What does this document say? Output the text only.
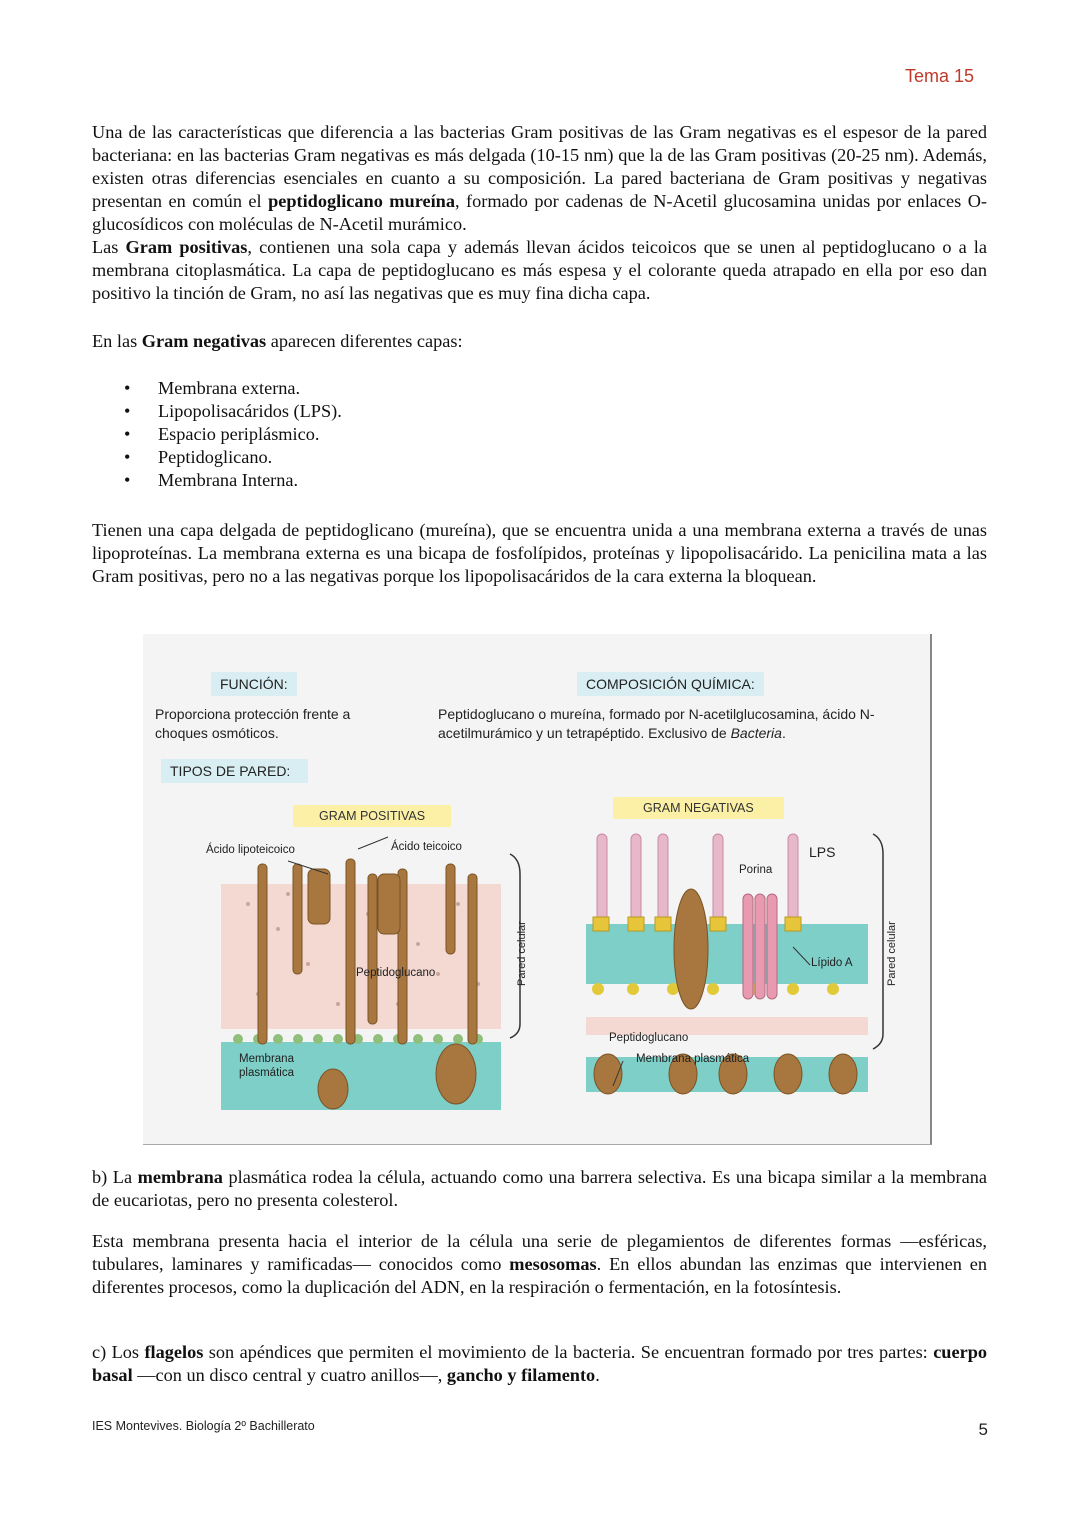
Tema 15

Una de las características que diferencia a las bacterias Gram positivas de las Gram negativas es el espesor de la pared bacteriana: en las bacterias Gram negativas es más delgada (10-15 nm) que la de las Gram positivas (20-25 nm). Además, existen otras diferencias esenciales en cuanto a su composición. La pared bacteriana de Gram positivas y negativas presentan en común el peptidoglicano mureína, formado por cadenas de N-Acetil glucosamina unidas por enlaces O-glucosídicos con moléculas de N-Acetil murámico.

Las Gram positivas, contienen una sola capa y además llevan ácidos teicoicos que se unen al peptidoglucano o a la membrana citoplasmática. La capa de peptidoglucano es más espesa y el colorante queda atrapado en ella por eso dan positivo la tinción de Gram, no así las negativas que es muy fina dicha capa.

En las Gram negativas aparecen diferentes capas:

• Membrana externa.
• Lipopolisacáridos (LPS).
• Espacio periplásmico.
• Peptidoglicano.
• Membrana Interna.

Tienen una capa delgada de peptidoglicano (mureína), que se encuentra unida a una membrana externa a través de unas lipoproteínas. La membrana externa es una bicapa de fosfolípidos, proteínas y lipopolisacárido. La penicilina mata a las Gram positivas, pero no a las negativas porque los lipopolisacáridos de la cara externa la bloquean.

FUNCIÓN:
Proporciona protección frente a choques osmóticos.
COMPOSICIÓN QUÍMICA:
Peptidoglucano o mureína, formado por N-acetilglucosamina, ácido N-acetilmurámico y un tetrapéptido. Exclusivo de Bacteria.
TIPOS DE PARED:
GRAM POSITIVAS
GRAM NEGATIVAS
Ácido lipoteicoico	Ácido teicoico
Peptidoglucano
Membrana plasmática
Pared celular
LPS
Porina
Lípido A
Peptidoglucano
Membrana plasmática
Pared celular

b) La membrana plasmática rodea la célula, actuando como una barrera selectiva. Es una bicapa similar a la membrana de eucariotas, pero no presenta colesterol.

Esta membrana presenta hacia el interior de la célula una serie de plegamientos de diferentes formas —esféricas, tubulares, laminares y ramificadas— conocidos como mesosomas. En ellos abundan las enzimas que intervienen en diferentes procesos, como la duplicación del ADN, en la respiración o fermentación, en la fotosíntesis.

c) Los flagelos son apéndices que permiten el movimiento de la bacteria. Se encuentran formado por tres partes: cuerpo basal —con un disco central y cuatro anillos—, gancho y filamento.

IES Montevives. Biología 2º Bachillerato	5
